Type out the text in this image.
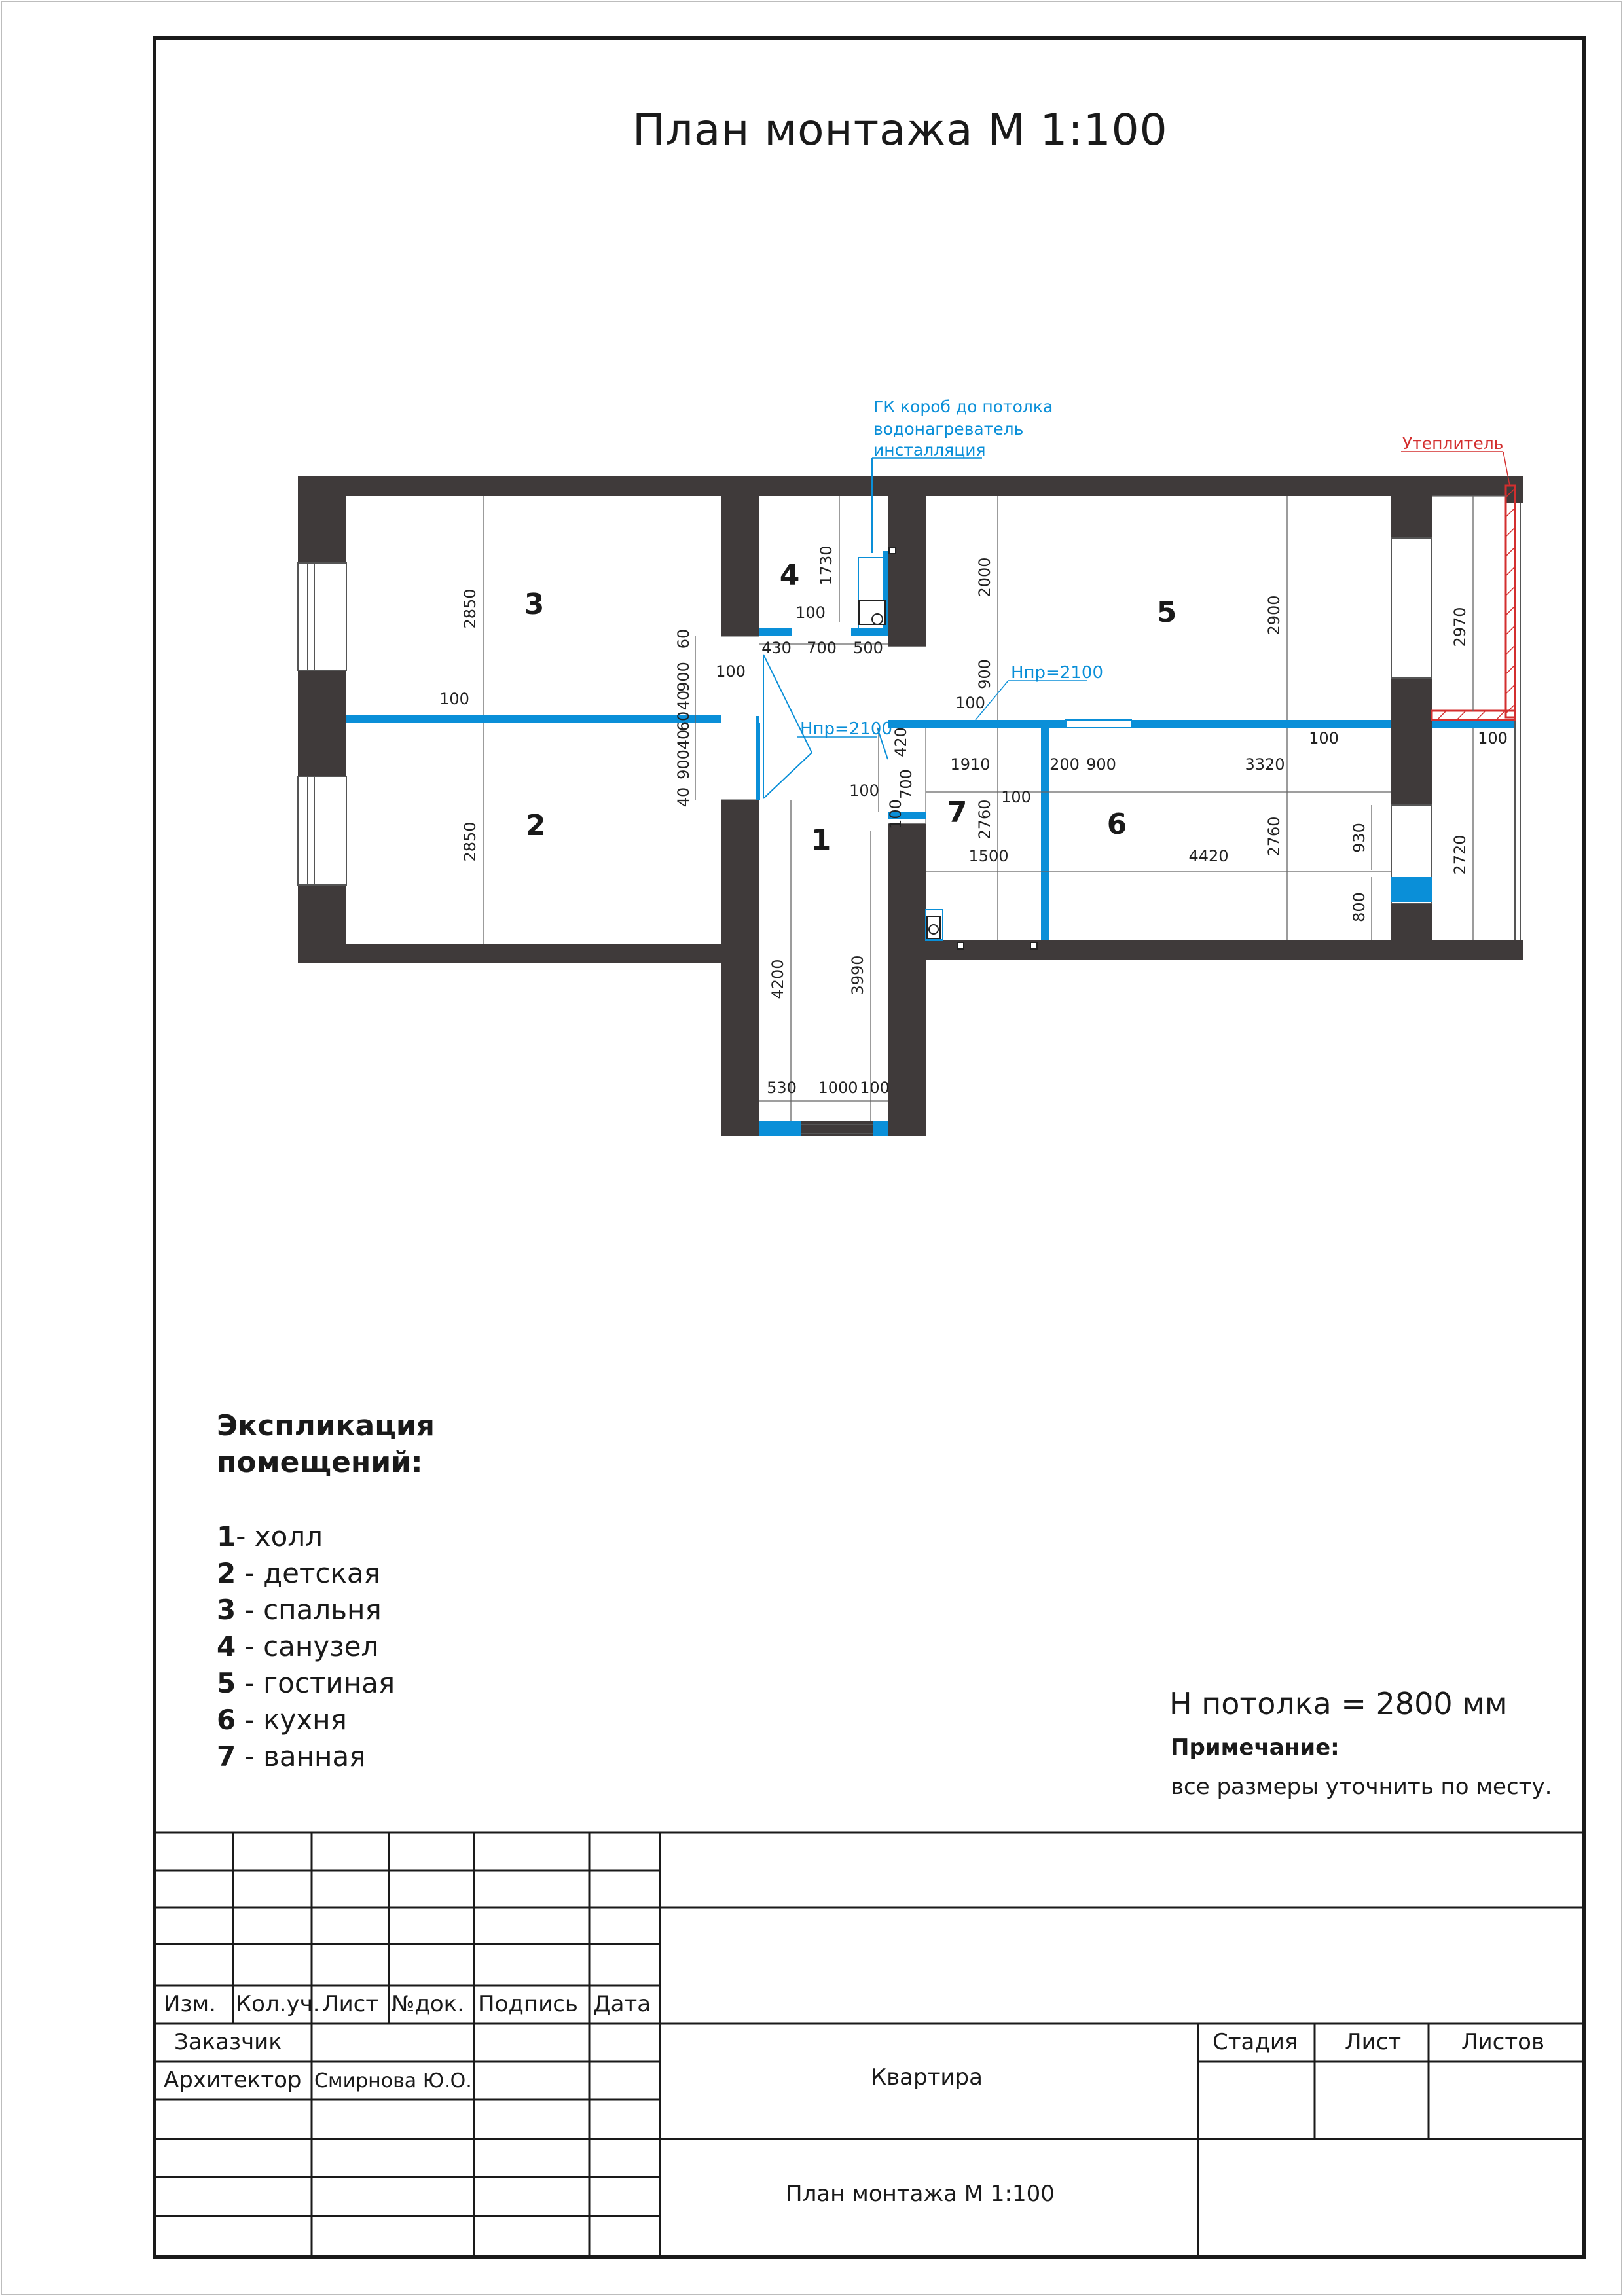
2850
2850
100
1730
100
430 700 500
100
60
900
40
60
40
900
40
2000
900
2900
100
100
2970
100
2720
1910	200 900	3320
100
2760	2760
1500	4420
930
800
420
700
100
100
4200	3990
530 1000 100
1
2
3
4
5
6
7
ГК короб до потолка
водонагреватель
инсталляция	Утеплитель
Hпр=2100
Hпр=2100
План монтажа М 1:100
Экспликация
помещений:
1- холл
2 - детская
3 - спальня
4 - санузел
5 - гостиная
6 - кухня
7 - ванная
Н потолка = 2800 мм
Примечание:
все размеры уточнить по месту.
Изм. Кол.уч. Лист №док. Подпись Дата
Заказчик
Архитектор Смирнова Ю.О.	Квартира
План монтажа М 1:100
Стадия Лист	Листов
